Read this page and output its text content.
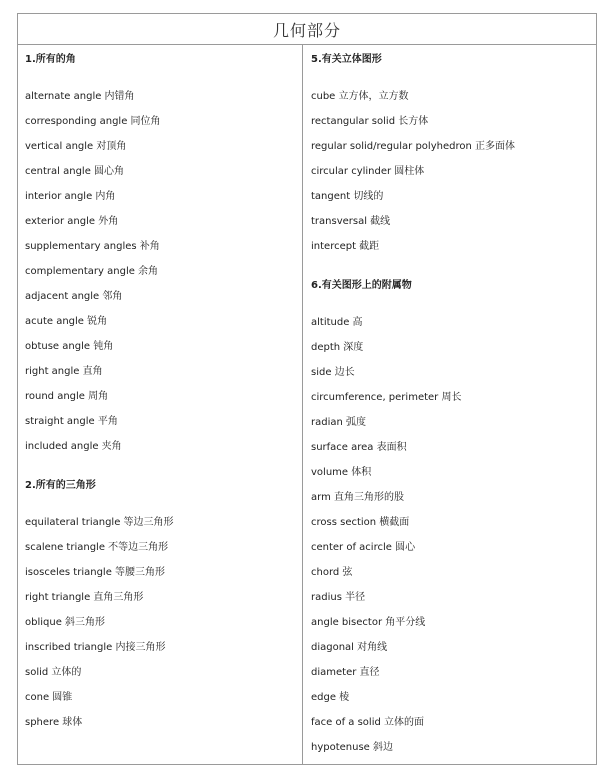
几何部分
1.所有的角
alternate angle 内错角
corresponding angle 同位角
vertical angle 对顶角
central angle 圆心角
interior angle 内角
exterior angle 外角
supplementary angles 补角
complementary angle 余角
adjacent angle 邻角
acute angle 锐角
obtuse angle 钝角
right angle 直角
round angle 周角
straight angle 平角
included angle 夹角
2.所有的三角形
equilateral triangle 等边三角形
scalene triangle 不等边三角形
isosceles triangle 等腰三角形
right triangle 直角三角形
oblique 斜三角形
inscribed triangle 内接三角形
solid 立体的
cone 圆锥
sphere 球体
5.有关立体图形
cube 立方体，立方数
rectangular solid 长方体
regular solid/regular polyhedron 正多面体
circular cylinder 圆柱体
tangent 切线的
transversal 截线
intercept 截距
6.有关图形上的附属物
altitude 高
depth 深度
side 边长
circumference, perimeter 周长
radian 弧度
surface area 表面积
volume 体积
arm 直角三角形的股
cross section 横截面
center of acircle 圆心
chord 弦
radius 半径
angle bisector 角平分线
diagonal 对角线
diameter 直径
edge 棱
face of a solid 立体的面
hypotenuse 斜边
